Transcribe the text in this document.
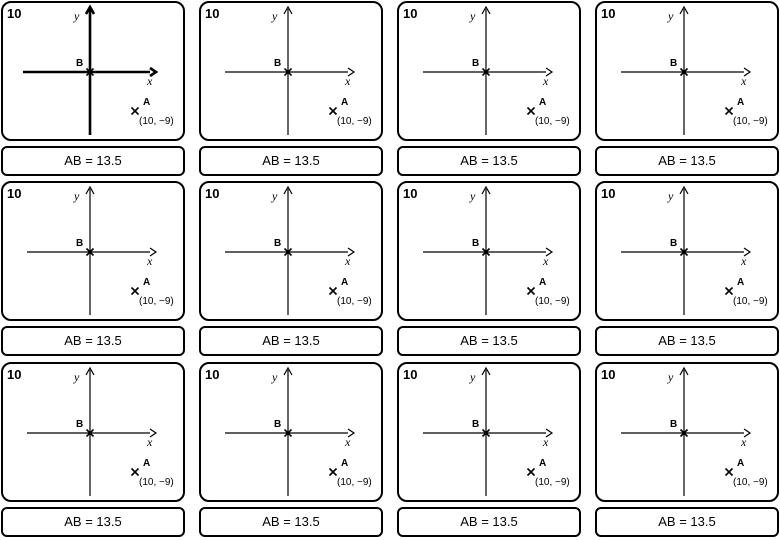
10	y
x
B
A
(10, −9)
AB = 13.5
10	y
x
B
A
(10, −9)
AB = 13.5
10	y
x
B
A
(10, −9)
AB = 13.5
10	y
x
B
A
(10, −9)
AB = 13.5
10	y
x
B
A
(10, −9)
AB = 13.5
10	y
x
B
A
(10, −9)
AB = 13.5
10	y
x
B
A
(10, −9)
AB = 13.5
10	y
x
B
A
(10, −9)
AB = 13.5
10	y
x
B
A
(10, −9)
AB = 13.5
10	y
x
B
A
(10, −9)
AB = 13.5
10	y
x
B
A
(10, −9)
AB = 13.5
10	y
x
B
A
(10, −9)
AB = 13.5
